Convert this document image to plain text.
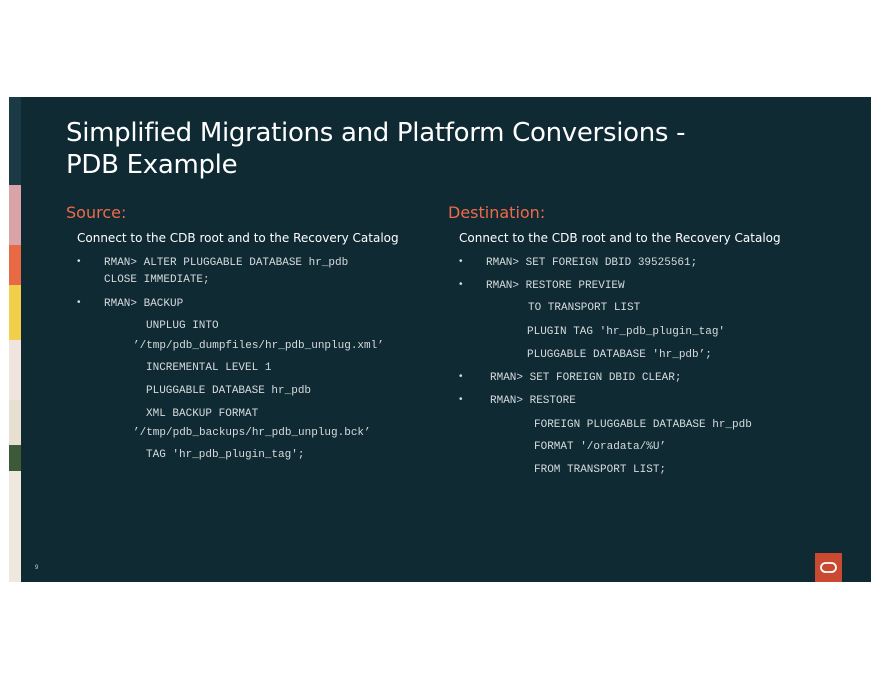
Simplified Migrations and Platform Conversions -
PDB Example
Source:
Connect to the CDB root and to the Recovery Catalog
• RMAN> ALTER PLUGGABLE DATABASE hr_pdb
CLOSE IMMEDIATE;
• RMAN> BACKUP
UNPLUG INTO
’/tmp/pdb_dumpfiles/hr_pdb_unplug.xml’
INCREMENTAL LEVEL 1
PLUGGABLE DATABASE hr_pdb
XML BACKUP FORMAT
’/tmp/pdb_backups/hr_pdb_unplug.bck’
TAG 'hr_pdb_plugin_tag';
Destination:
Connect to the CDB root and to the Recovery Catalog
• RMAN> SET FOREIGN DBID 39525561;
• RMAN> RESTORE PREVIEW
TO TRANSPORT LIST
PLUGIN TAG 'hr_pdb_plugin_tag'
PLUGGABLE DATABASE 'hr_pdb’;
• RMAN> SET FOREIGN DBID CLEAR;
• RMAN> RESTORE
FOREIGN PLUGGABLE DATABASE hr_pdb
FORMAT '/oradata/%U’
FROM TRANSPORT LIST;
9
